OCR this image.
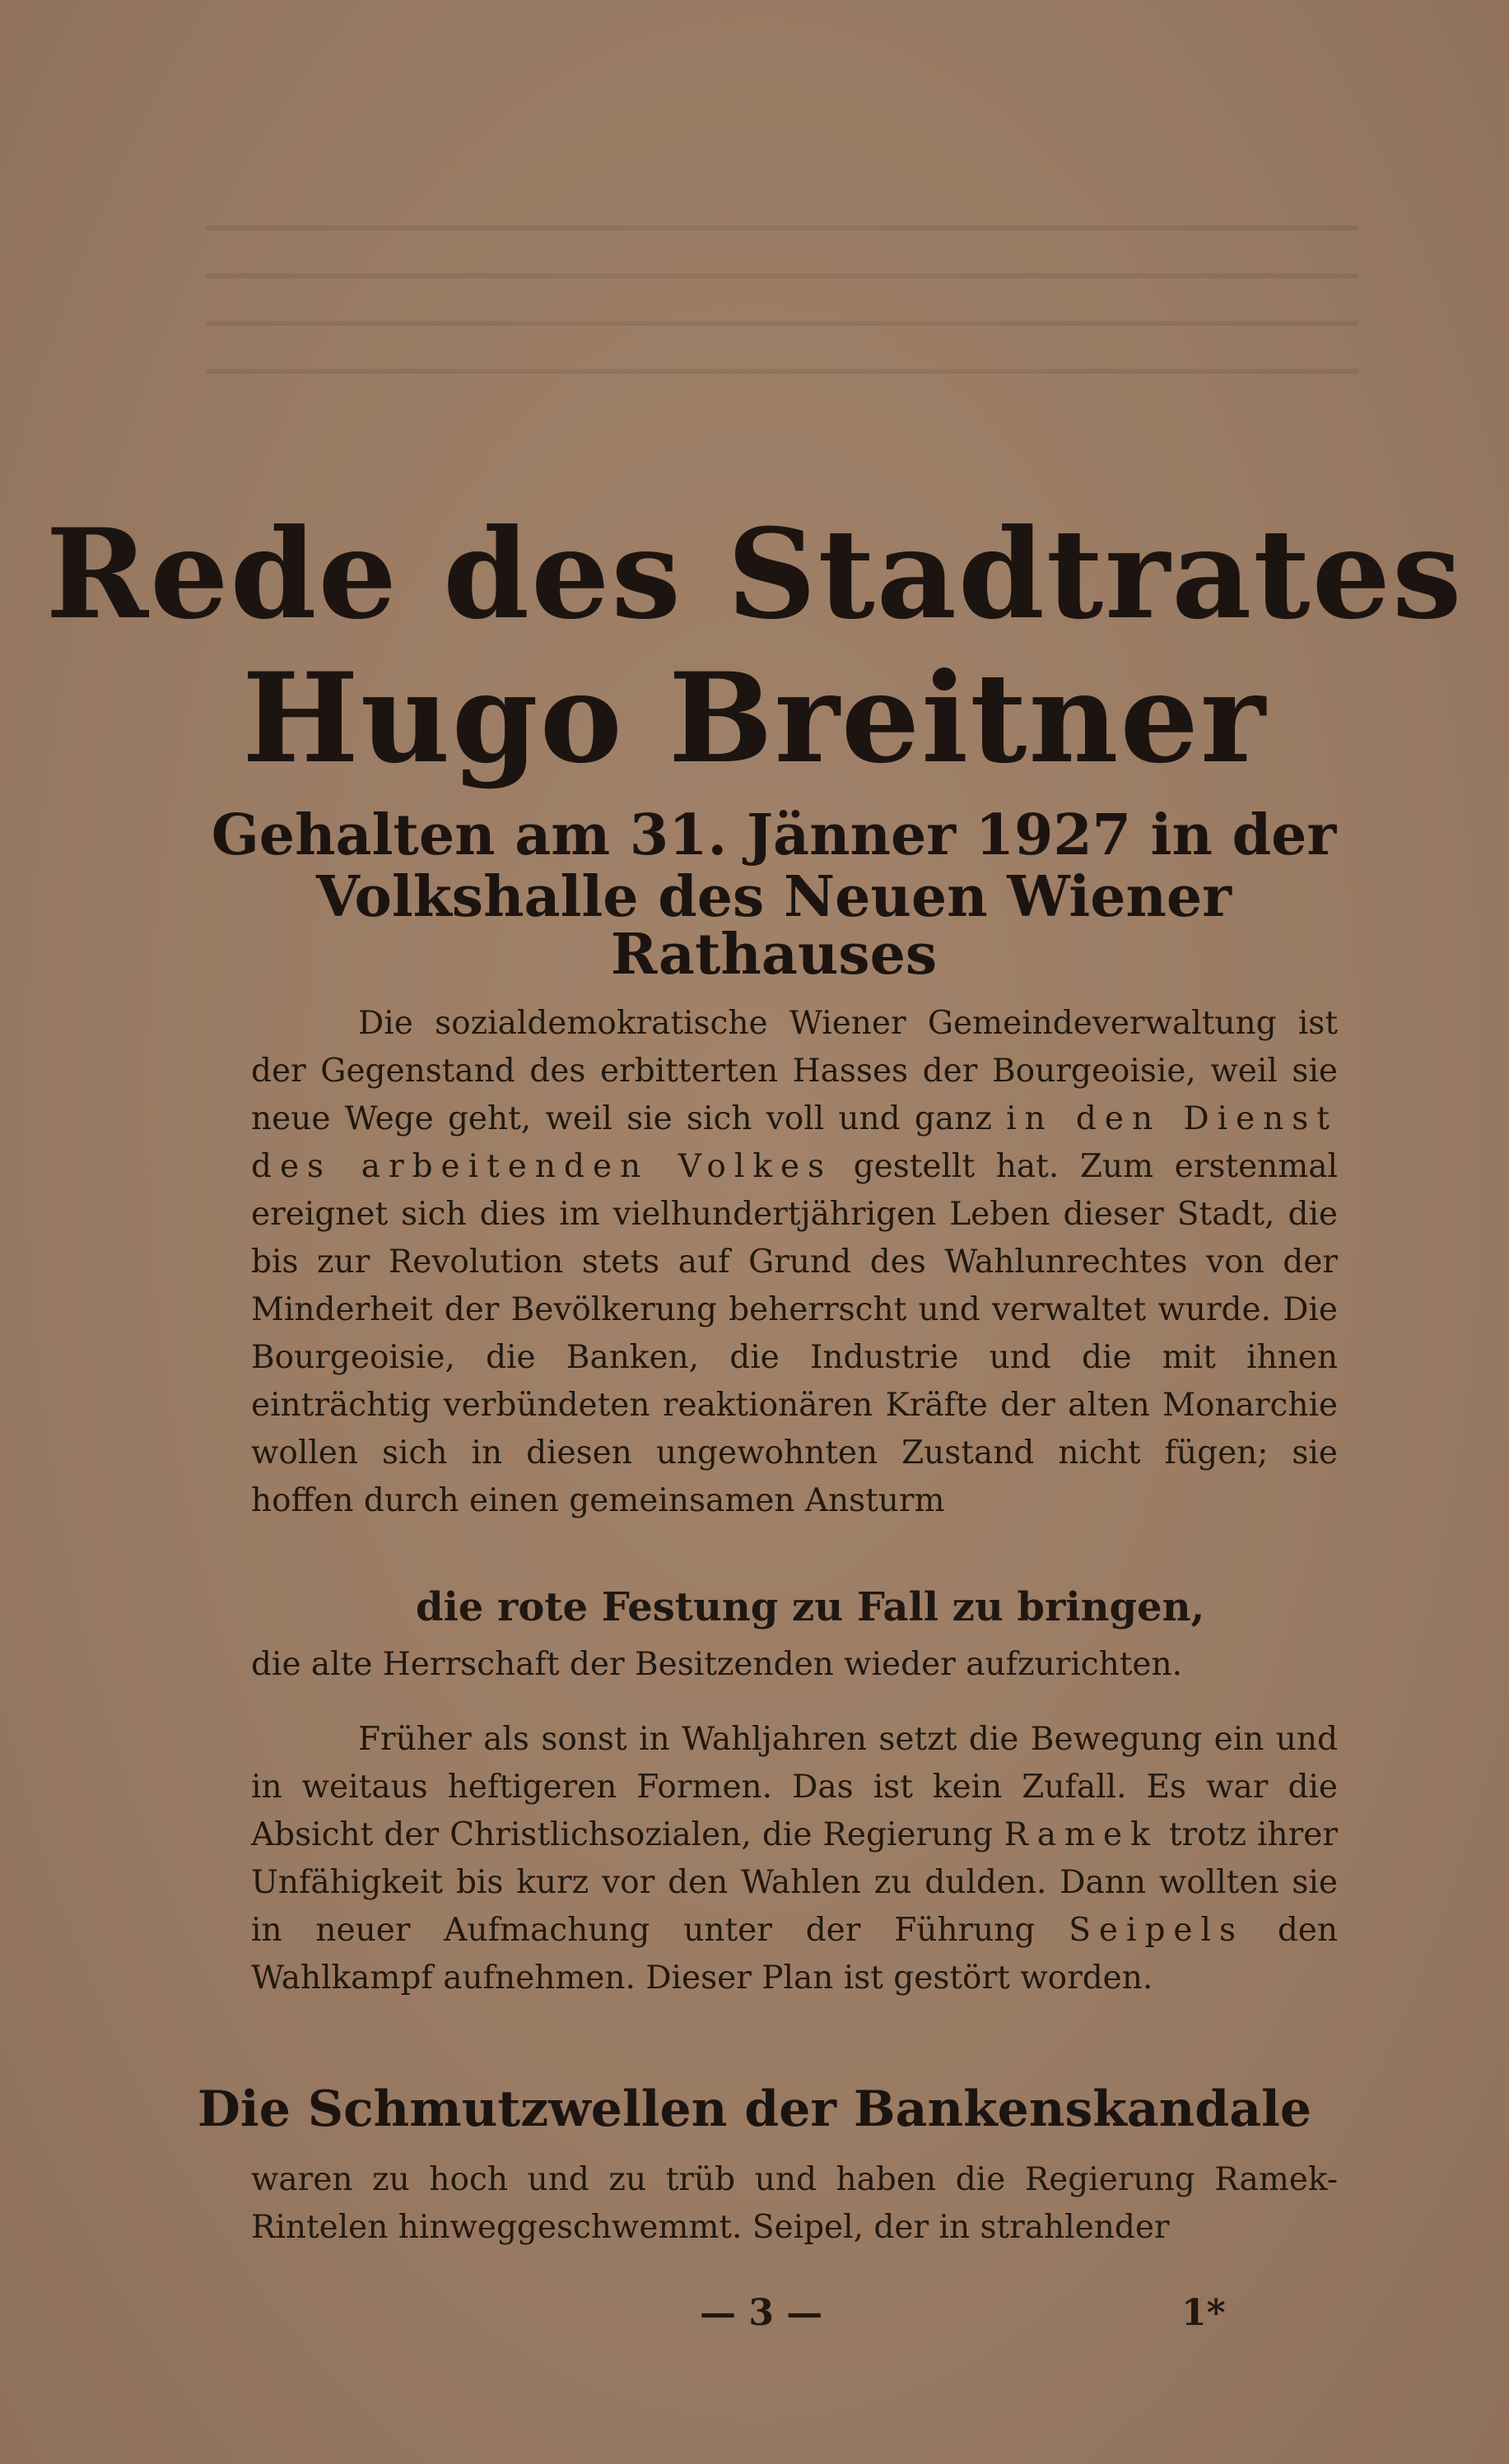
Rede des Stadtrates
Hugo Breitner
Gehalten am 31. Jänner 1927 in der
Volkshalle des Neuen Wiener
Rathauses
Die sozialdemokratische Wiener Gemeindeverwaltung ist der Gegenstand des erbitterten Hasses der Bourgeoisie, weil sie neue Wege geht, weil sie sich voll und ganz in den Dienst des arbeitenden Volkes gestellt hat. Zum erstenmal ereignet sich dies im vielhundertjährigen Leben dieser Stadt, die bis zur Revolution stets auf Grund des Wahlunrechtes von der Minderheit der Bevölkerung beherrscht und verwaltet wurde. Die Bourgeoisie, die Banken, die Industrie und die mit ihnen einträchtig verbündeten reaktionären Kräfte der alten Monarchie wollen sich in diesen ungewohnten Zustand nicht fügen; sie hoffen durch einen gemeinsamen Ansturm
die rote Festung zu Fall zu bringen,
die alte Herrschaft der Besitzenden wieder aufzurichten.
Früher als sonst in Wahljahren setzt die Bewegung ein und in weitaus heftigeren Formen. Das ist kein Zufall. Es war die Absicht der Christlichsozialen, die Regierung Ramek trotz ihrer Unfähigkeit bis kurz vor den Wahlen zu dulden. Dann wollten sie in neuer Aufmachung unter der Führung Seipels den Wahlkampf aufnehmen. Dieser Plan ist gestört worden.
Die Schmutzwellen der Bankenskandale
waren zu hoch und zu trüb und haben die Regierung Ramek-Rintelen hinweggeschwemmt. Seipel, der in strahlender
— 3 —	1*
